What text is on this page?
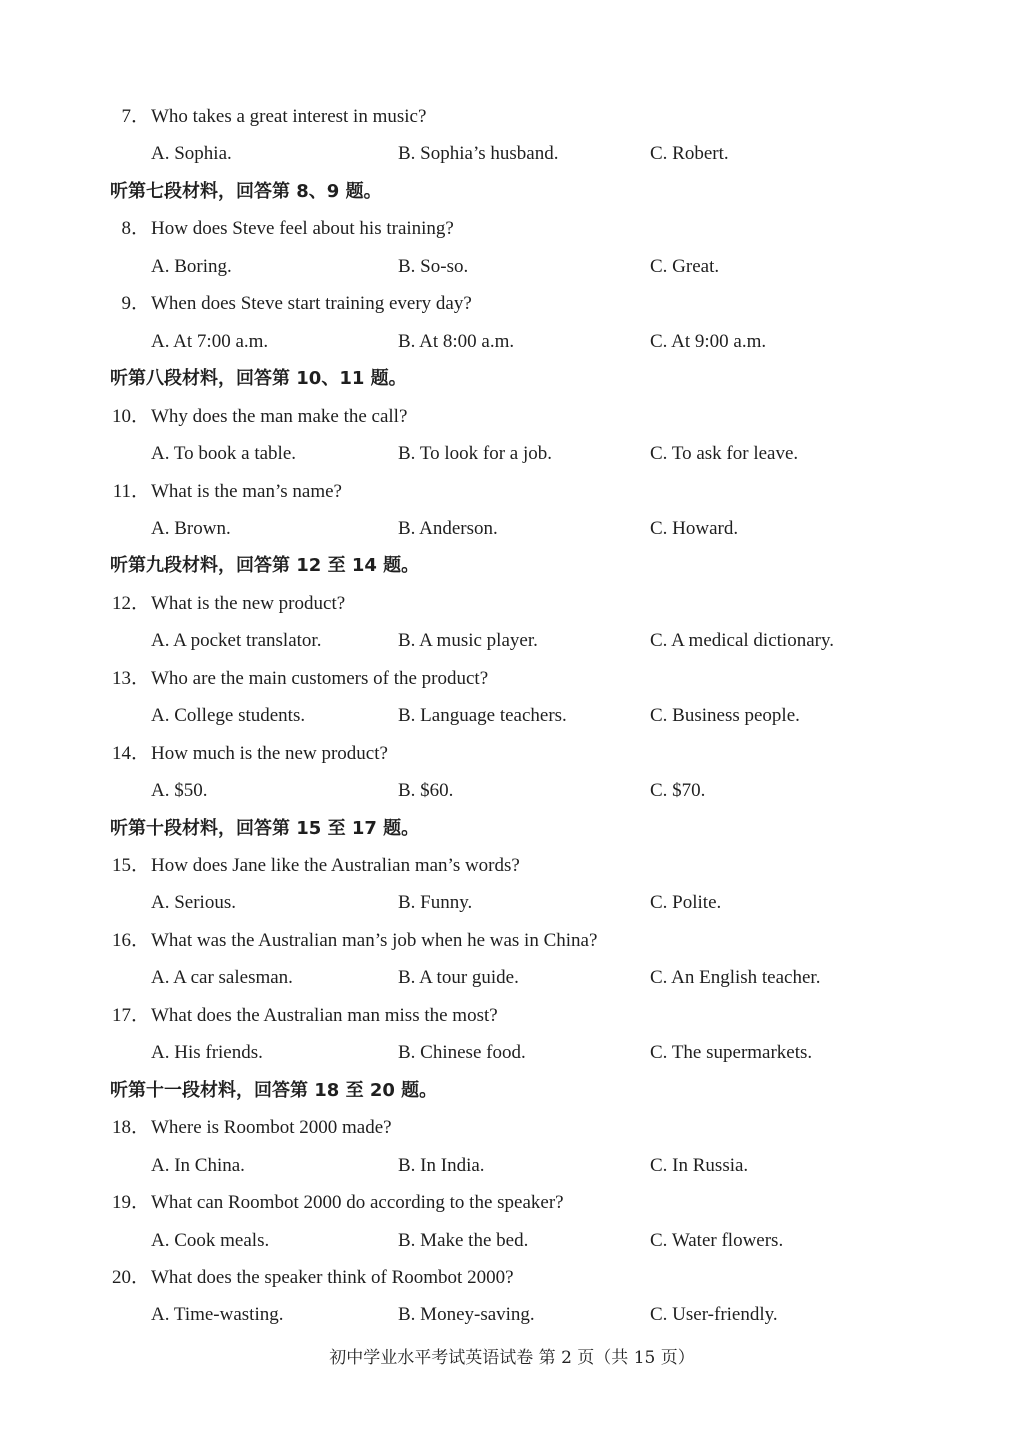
初中学业水平考试英语试卷 第 2 页（共 15 页）
7． Who takes a great interest in music?
A. Sophia.	B. Sophia’s husband.	C. Robert.
听第七段材料，回答第 8、9 题。
8． How does Steve feel about his training?
A. Boring.	B. So-so.	C. Great.
9． When does Steve start training every day?
A. At 7:00 a.m.	B. At 8:00 a.m.	C. At 9:00 a.m.
听第八段材料，回答第 10、11 题。
10． Why does the man make the call?
A. To book a table.	B. To look for a job.	C. To ask for leave.
11． What is the man’s name?
A. Brown.	B. Anderson.	C. Howard.
听第九段材料，回答第 12 至 14 题。
12． What is the new product?
A. A pocket translator.	B. A music player.	C. A medical dictionary.
13． Who are the main customers of the product?
A. College students.	B. Language teachers.	C. Business people.
14． How much is the new product?
A. $50.	B. $60.	C. $70.
听第十段材料，回答第 15 至 17 题。
15． How does Jane like the Australian man’s words?
A. Serious.	B. Funny.	C. Polite.
16． What was the Australian man’s job when he was in China?
A. A car salesman.	B. A tour guide.	C. An English teacher.
17． What does the Australian man miss the most?
A. His friends.	B. Chinese food.	C. The supermarkets.
听第十一段材料，回答第 18 至 20 题。
18． Where is Roombot 2000 made?
A. In China.	B. In India.	C. In Russia.
19． What can Roombot 2000 do according to the speaker?
A. Cook meals.	B. Make the bed.	C. Water flowers.
20． What does the speaker think of Roombot 2000?
A. Time-wasting.	B. Money-saving.	C. User-friendly.
